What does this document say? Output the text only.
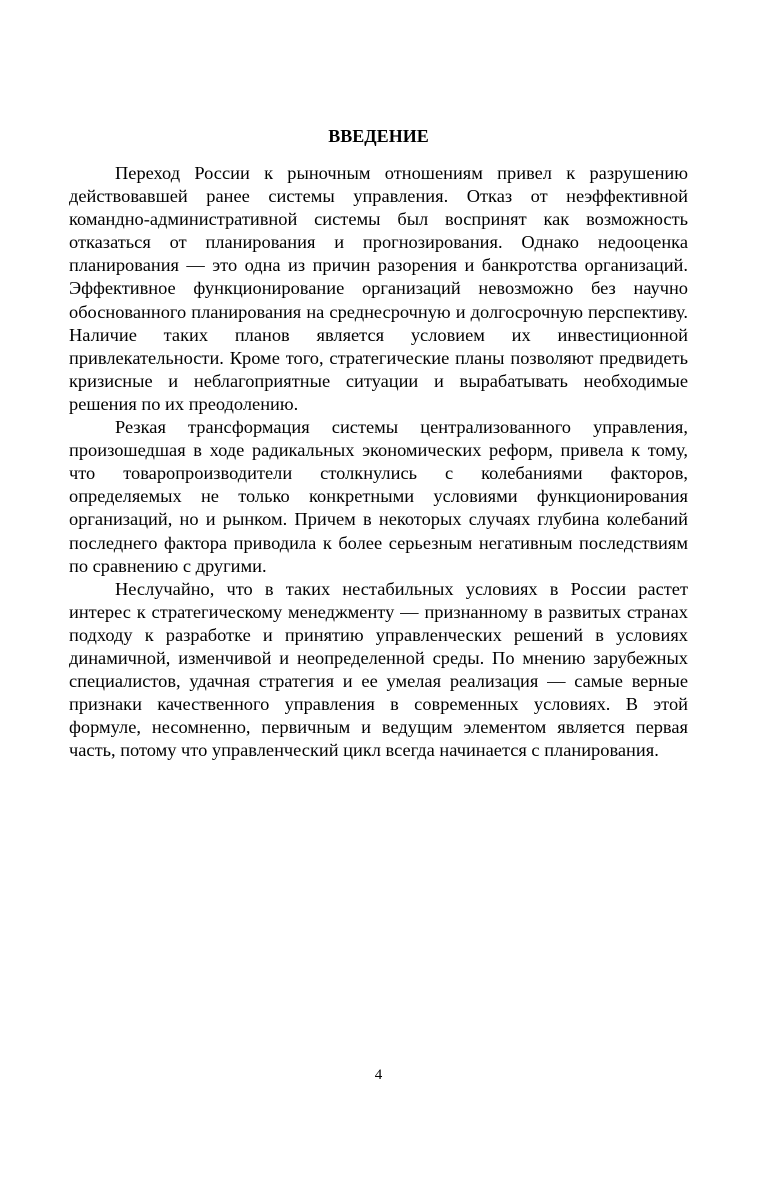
ВВЕДЕНИЕ

Переход России к рыночным отношениям привел к разрушению действовавшей ранее системы управления. Отказ от неэффективной командно-административной системы был воспринят как возможность отказаться от планирования и прогнозирования. Однако недооценка планирования — это одна из причин разорения и банкротства организаций. Эффективное функционирование организаций невозможно без научно обоснованного планирования на среднесрочную и долгосрочную перспективу. Наличие таких планов является условием их инвестиционной привлекательности. Кроме того, стратегические планы позволяют предвидеть кризисные и неблагоприятные ситуации и вырабатывать необходимые решения по их преодолению.

Резкая трансформация системы централизованного управления, произошедшая в ходе радикальных экономических реформ, привела к тому, что товаропроизводители столкнулись с колебаниями факторов, определяемых не только конкретными условиями функционирования организаций, но и рынком. Причем в некоторых случаях глубина колебаний последнего фактора приводила к более серьезным негативным последствиям по сравнению с другими.

Неслучайно, что в таких нестабильных условиях в России растет интерес к стратегическому менеджменту — признанному в развитых странах подходу к разработке и принятию управленческих решений в условиях динамичной, изменчивой и неопределенной среды. По мнению зарубежных специалистов, удачная стратегия и ее умелая реализация — самые верные признаки качественного управления в современных условиях. В этой формуле, несомненно, первичным и ведущим элементом является первая часть, потому что управленческий цикл всегда начинается с планирования.

4
